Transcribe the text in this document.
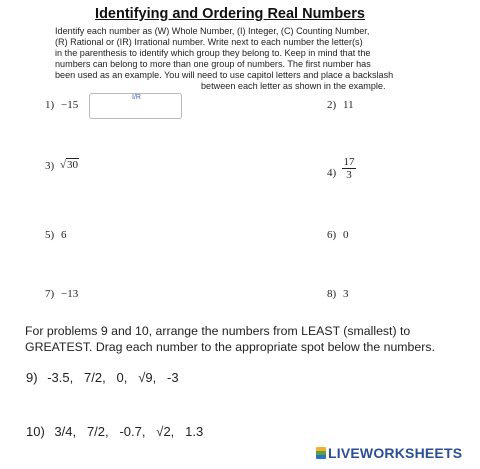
Identifying and Ordering Real Numbers

Identify each number as (W) Whole Number, (I) Integer, (C) Counting Number,

(R) Rational or (IR) Irrational number. Write next to each number the letter(s)

in the parenthesis to identify which group they belong to. Keep in mind that the

numbers can belong to more than one group of numbers. The first number has

been used as an example. You will need to use capitol letters and place a backslash

between each letter as shown in the example.

1) −15
I/R
2) 11
3) √30
$4) \frac{17}{3}$
5) 6	6) 0
7) −13	8) 3
For problems 9 and 10, arrange the numbers from LEAST (smallest) to GREATEST. Drag each number to the appropriate spot below the numbers.
9) -3.5,   7/2,   0,   √9,   -3
10) 3/4,   7/2,   -0.7,   √2,   1.3
LIVEWORKSHEETS
